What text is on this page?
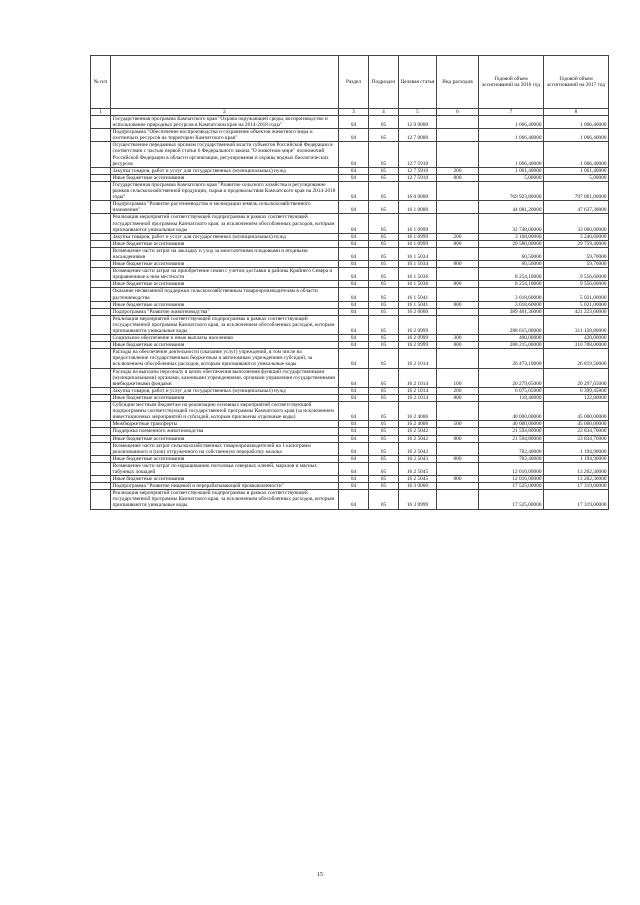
№ п/п		Раздел	Подраздел	Целевая статья	Вид расходов	Годовой объем ассигнований на 2016 год	Годовой объем ассигнований на 2017 год
1	2	3	4	5	6	7	8
	Государственная программа Камчатского края "Охрана окружающей среды, воспроизводство и использование природных ресурсов в Камчатском крае на 2014-2018 годы"	04	05	12 0 0000		1 066,40000	1 066,40000
	Подпрограмма "Обеспечение воспроизводства и сохранение объектов животного мира и охотничьих ресурсов на территории Камчатского края"	04	05	12 7 0000		1 066,40000	1 066,40000
	Осуществление переданных органам государственной власти субъектов Российской Федерации в соответствии с частью первой статьи 6 Федерального закона "О животном мире" полномочий Российской Федерации в области организации, регулирования и охраны водных биологических ресурсов	04	05	12 7 5910		1 066,40000	1 066,40000
	Закупка товаров, работ и услуг для государственных (муниципальных) нужд	04	05	12 7 5910	200	1 061,40000	1 061,40000
	Иные бюджетные ассигнования	04	05	12 7 5910	800	5,00000	5,00000
	Государственная программа Камчатского края "Развитие сельского хозяйства и регулирование рынков сельскохозяйственной продукции, сырья и продовольствия Камчатского края на 2014-2018 годы"	04	05	16 0 0000		769 923,80000	797 061,00000
	Подпрограмма "Развитие растениеводства и мелиорации земель сельскохозяйственного назначения"	04	05	16 1 0000		44 081,20000	47 637,30000
	Реализация мероприятий соответствующей подпрограммы в рамках соответствующей государственной программы Камчатского края, за исключением обособленных расходов, которым присваиваются уникальные коды	04	05	16 1 0999		32 748,00000	33 000,00000
	Закупка товаров, работ и услуг для государственных (муниципальных) нужд	04	05	16 1 0999	200	3 168,00000	3 240,60000
	Иные бюджетные ассигнования	04	05	16 1 0999	800	29 580,00000	29 759,40000
	Возмещение части затрат на закладку и уход за многолетними плодовыми и ягодными насаждениями	04	05	16 1 5034		60,50000	59,70000
	Иные бюджетные ассигнования	04	05	16 1 5034	800	60,50000	59,70000
	Возмещение части затрат на приобретение семян с учетом доставки в районы Крайнего Севера и приравненные к ним местности	04	05	16 1 5036		8 254,10000	9 556,60000
	Иные бюджетные ассигнования	04	05	16 1 5036	800	8 254,10000	9 556,60000
	Оказание несвязанной поддержки сельскохозяйственным товаропроизводителям в области растениеводства	04	05	16 1 5041		3 018,60000	5 021,00000
	Иные бюджетные ассигнования	04	05	16 1 5041	800	3 018,60000	5 021,00000
	Подпрограмма "Развитие животноводства"	04	05	16 2 0000		389 401,30000	421 223,60000
	Реализация мероприятий соответствующей подпрограммы в рамках соответствующей государственной программы Камчатского края, за исключением обособленных расходов, которым присваиваются уникальные коды	04	05	16 2 0999		288 615,00000	311 128,80000
	Социальное обеспечение и иные выплаты населению	04	05	16 2 0999	300	400,00000	420,00000
	Иные бюджетные ассигнования	04	05	16 2 0999	800	288 215,00000	310 708,00000
	Расходы на обеспечение деятельности (оказание услуг) учреждений, в том числе на предоставление государственным бюджетным и автономным учреждениям субсидий, за исключением обособленных расходов, которым присваиваются уникальные коды	04	05	16 2 1014		26 473,10000	26 819,50000
	Расходы на выплаты персоналу в целях обеспечения выполнения функций государственными (муниципальными) органами, казенными учреждениями, органами управления государственными внебюджетными фондами	04	05	16 2 1014	100	20 279,65000	20 297,65000
	Закупка товаров, работ и услуг для государственных (муниципальных) нужд	04	05	16 2 1014	200	6 075,05000	6 399,45000
	Иные бюджетные ассигнования	04	05	16 2 1014	800	118,40000	122,80000
	Субсидии местным бюджетам на реализацию основных мероприятий соответствующей подпрограммы соответствующей государственной программы Камчатского края (за исключением инвестиционных мероприятий и субсидий, которым присвоены отдельные коды)	04	05	16 2 4006		40 000,00000	45 000,00000
	Межбюджетные трансферты	04	05	16 2 4006	500	40 000,00000	45 000,00000
	Поддержка племенного животноводства	04	05	16 2 5042		21 594,80000	23 834,70000
	Иные бюджетные ассигнования	04	05	16 2 5042	800	21 594,80000	23 834,70000
	Возмещение части затрат сельскохозяйственных товаропроизводителей на 1 килограмм реализованного и (или) отгруженного на собственную переработку молока	04	05	16 2 5043		702,40000	1 194,90000
	Иные бюджетные ассигнования	04	05	16 2 5043	800	702,40000	1 194,90000
	Возмещение части затрат по наращиванию поголовья северных оленей, маралов и мясных табунных лошадей	04	05	16 2 5045		12 016,00000	13 262,30000
	Иные бюджетные ассигнования	04	05	16 2 5045	800	12 016,00000	13 262,30000
	Подпрограмма "Развитие пищевой и перерабатывающей промышленности"	04	05	16 3 0000		17 525,00000	17 319,00000
	Реализация мероприятий соответствующей подпрограммы в рамках соответствующей государственной программы Камчатского края, за исключением обособленных расходов, которым присваиваются уникальные коды	04	05	16 3 0999		17 525,00000	17 319,00000
15
